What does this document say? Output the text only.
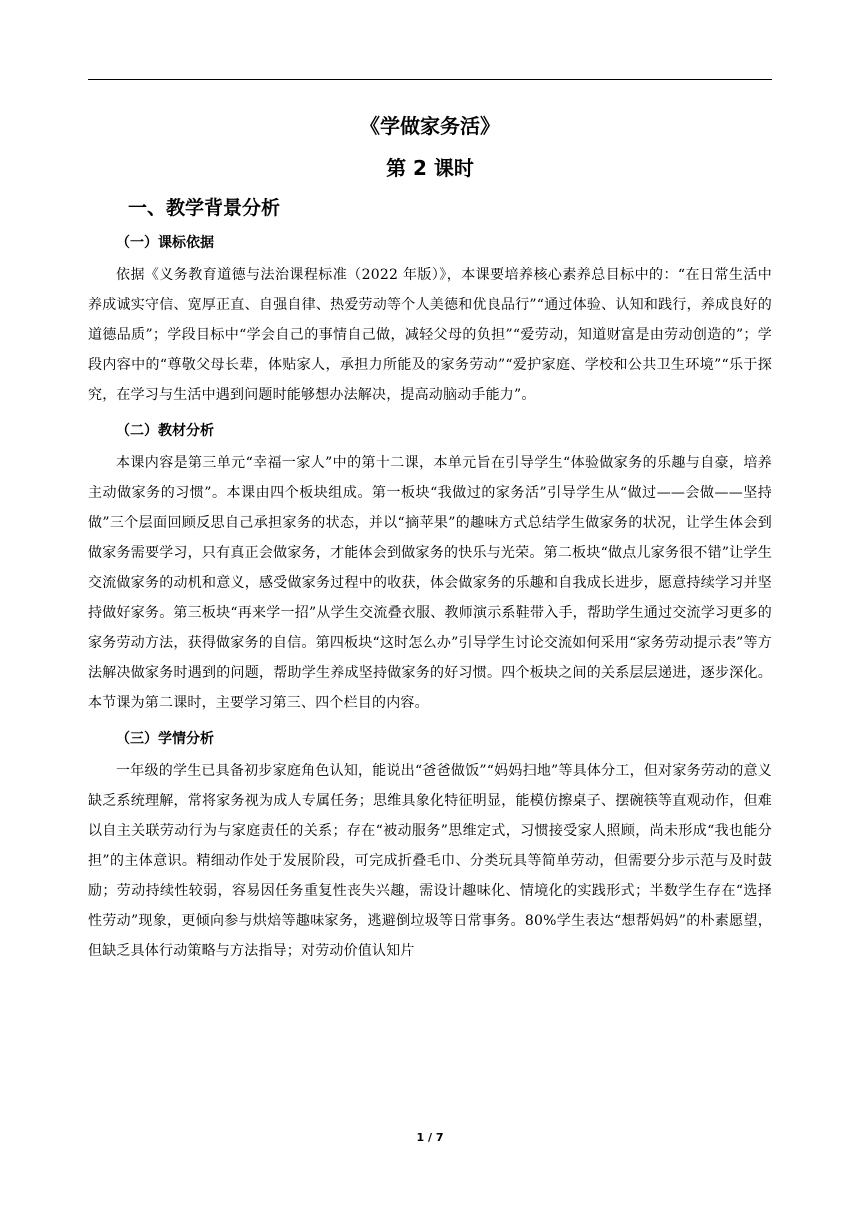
《学做家务活》
第 2 课时
一、教学背景分析
（一）课标依据

依据《义务教育道德与法治课程标准（2022 年版）》，本课要培养核心素养总目标中的：“在日常生活中养成诚实守信、宽厚正直、自强自律、热爱劳动等个人美德和优良品行”“通过体验、认知和践行，养成良好的道德品质”；学段目标中“学会自己的事情自己做，减轻父母的负担”“爱劳动，知道财富是由劳动创造的”；学段内容中的“尊敬父母长辈，体贴家人，承担力所能及的家务劳动”“爱护家庭、学校和公共卫生环境”“乐于探究，在学习与生活中遇到问题时能够想办法解决，提高动脑动手能力”。

（二）教材分析

本课内容是第三单元“幸福一家人”中的第十二课，本单元旨在引导学生“体验做家务的乐趣与自豪，培养主动做家务的习惯”。本课由四个板块组成。第一板块“我做过的家务活”引导学生从“做过——会做——坚持做”三个层面回顾反思自己承担家务的状态，并以“摘苹果”的趣味方式总结学生做家务的状况，让学生体会到做家务需要学习，只有真正会做家务，才能体会到做家务的快乐与光荣。第二板块“做点儿家务很不错”让学生交流做家务的动机和意义，感受做家务过程中的收获，体会做家务的乐趣和自我成长进步，愿意持续学习并坚持做好家务。第三板块“再来学一招”从学生交流叠衣服、教师演示系鞋带入手，帮助学生通过交流学习更多的家务劳动方法，获得做家务的自信。第四板块“这时怎么办”引导学生讨论交流如何采用“家务劳动提示表”等方法解决做家务时遇到的问题，帮助学生养成坚持做家务的好习惯。四个板块之间的关系层层递进，逐步深化。本节课为第二课时，主要学习第三、四个栏目的内容。

（三）学情分析

一年级的学生已具备初步家庭角色认知，能说出“爸爸做饭”“妈妈扫地”等具体分工，但对家务劳动的意义缺乏系统理解，常将家务视为成人专属任务；思维具象化特征明显，能模仿擦桌子、摆碗筷等直观动作，但难以自主关联劳动行为与家庭责任的关系；存在“被动服务”思维定式，习惯接受家人照顾，尚未形成“我也能分担”的主体意识。精细动作处于发展阶段，可完成折叠毛巾、分类玩具等简单劳动，但需要分步示范与及时鼓励；劳动持续性较弱，容易因任务重复性丧失兴趣，需设计趣味化、情境化的实践形式；半数学生存在“选择性劳动”现象，更倾向参与烘焙等趣味家务，逃避倒垃圾等日常事务。80%学生表达“想帮妈妈”的朴素愿望，但缺乏具体行动策略与方法指导；对劳动价值认知片

1 / 7
